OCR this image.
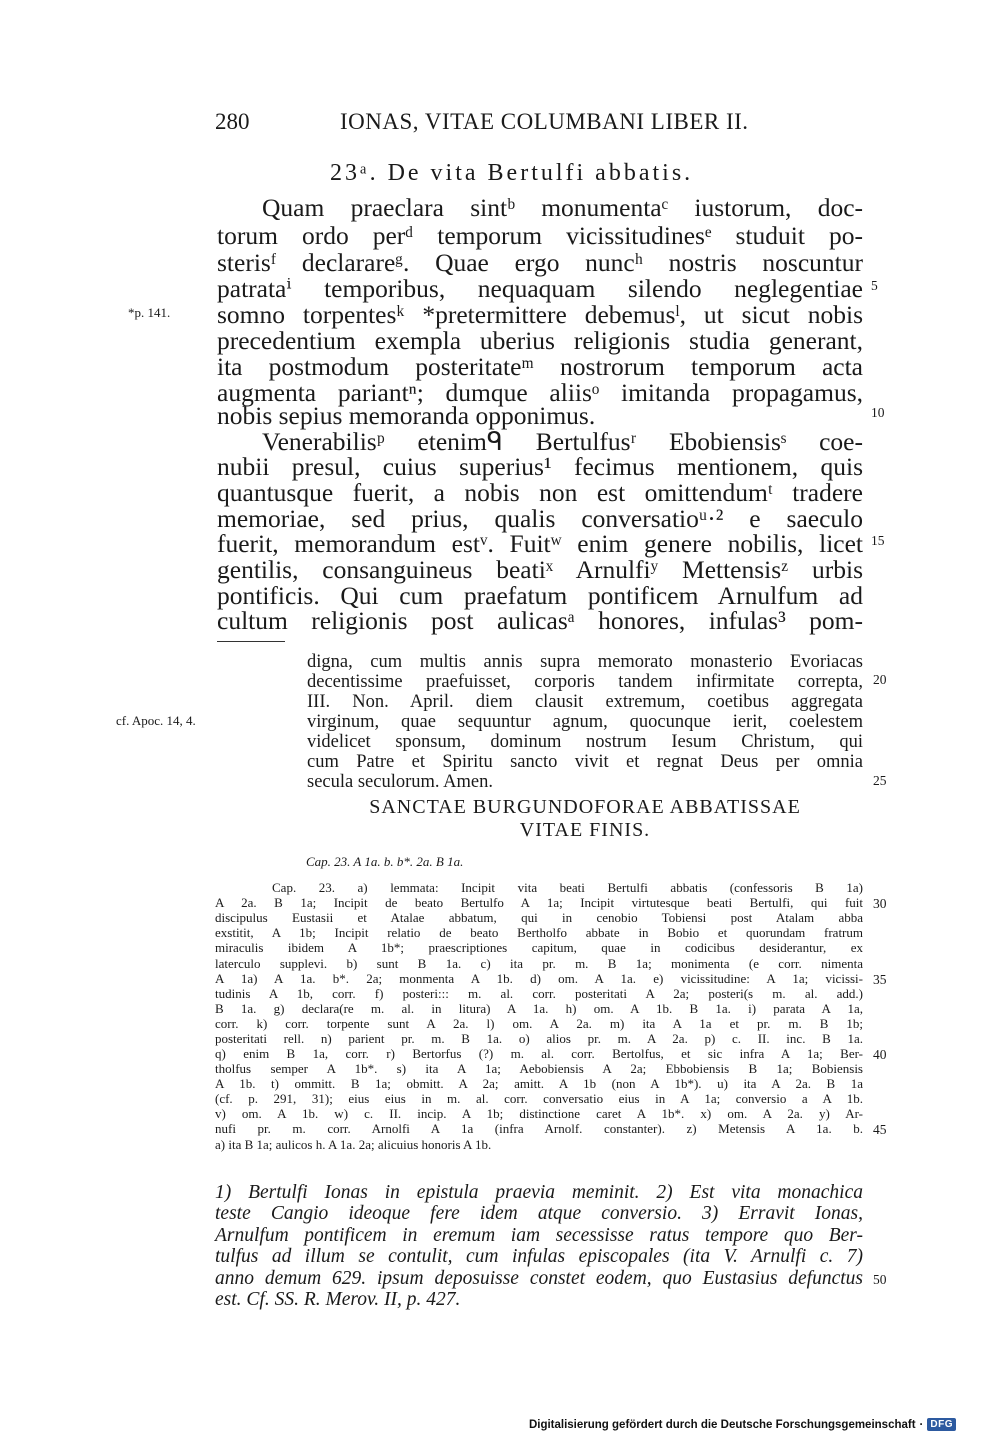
280	IONAS, VITAE COLUMBANI LIBER II.
23ᵃ. De vita Bertulfi abbatis.
Quam praeclara sintᵇ monumentaᶜ iustorum, doc-
torum ordo perᵈ temporum vicissitudinesᵉ studuit po-
sterisᶠ declarareᵍ. Quae ergo nuncʰ nostris noscuntur
patrataⁱ temporibus, nequaquam silendo neglegentiae
somno torpentesᵏ *pretermittere debemusˡ, ut sicut nobis
precedentium exempla uberius religionis studia generant,
ita postmodum posteritateᵐ nostrorum temporum acta
augmenta pariantⁿ; dumque aliisᵒ imitanda propagamus,
nobis sepius memoranda opponimus.
Venerabilisᵖ etenimᑫ Bertulfusʳ Ebobiensisˢ coe-
nubii presul, cuius superius¹ fecimus mentionem, quis
quantusque fuerit, a nobis non est omittendumᵗ tradere
memoriae, sed prius, qualis conversatioᵘ·² e saeculo
fuerit, memorandum estᵛ. Fuitʷ enim genere nobilis, licet
gentilis, consanguineus beatiˣ Arnulfiʸ Mettensisᶻ urbis
pontificis. Qui cum praefatum pontificem Arnulfum ad
cultum religionis post aulicasᵃ honores, infulas³ pom-
5
10
15
*p. 141.
digna, cum multis annis supra memorato monasterio Evoriacas
decentissime praefuisset, corporis tandem infirmitate correpta,
III. Non. April. diem clausit extremum, coetibus aggregata
virginum, quae sequuntur agnum, quocunque ierit, coelestem
videlicet sponsum, dominum nostrum Iesum Christum, qui
cum Patre et Spiritu sancto vivit et regnat Deus per omnia
secula seculorum. Amen.
20
25
cf. Apoc. 14, 4.
SANCTAE BURGUNDOFORAE ABBATISSAE
VITAE FINIS.
Cap. 23. A 1a. b. b*. 2a. B 1a.
Cap. 23. a) lemmata: Incipit vita beati Bertulfi abbatis (confessoris B 1a)
A 2a. B 1a; Incipit de beato Bertulfo A 1a; Incipit virtutesque beati Bertulfi, qui fuit
discipulus Eustasii et Atalae abbatum, qui in cenobio Tobiensi post Atalam abba
exstitit, A 1b; Incipit relatio de beato Bertholfo abbate in Bobio et quorundam fratrum
miraculis ibidem A 1b*; praescriptiones capitum, quae in codicibus desiderantur, ex
laterculo supplevi. b) sunt B 1a. c) ita pr. m. B 1a; monimenta (e corr. nimenta
A 1a) A 1a. b*. 2a; monmenta A 1b. d) om. A 1a. e) vicissitudine: A 1a; vicissi-
tudinis A 1b, corr. f) posteri::: m. al. corr. posteritati A 2a; posteri(s m. al. add.)
B 1a. g) declara(re m. al. in litura) A 1a. h) om. A 1b. B 1a. i) parata A 1a,
corr. k) corr. torpente sunt A 2a. l) om. A 2a. m) ita A 1a et pr. m. B 1b;
posteritati rell. n) parient pr. m. B 1a. o) alios pr. m. A 2a. p) c. II. inc. B 1a.
q) enim B 1a, corr. r) Bertorfus (?) m. al. corr. Bertolfus, et sic infra A 1a; Ber-
tholfus semper A 1b*. s) ita A 1a; Aebobiensis A 2a; Ebbobiensis B 1a; Bobiensis
A 1b. t) ommitt. B 1a; obmitt. A 2a; amitt. A 1b (non A 1b*). u) ita A 2a. B 1a
(cf. p. 291, 31); eius eius in m. al. corr. conversatio eius in A 1a; conversio a A 1b.
v) om. A 1b. w) c. II. incip. A 1b; distinctione caret A 1b*. x) om. A 2a. y) Ar-
nufi pr. m. corr. Arnolfi A 1a (infra Arnolf. constanter). z) Metensis A 1a. b.
a) ita B 1a; aulicos h. A 1a. 2a; alicuius honoris A 1b.
30
35
40
45
1) Bertulfi Ionas in epistula praevia meminit. 2) Est vita monachica
teste Cangio ideoque fere idem atque conversio. 3) Erravit Ionas,
Arnulfum pontificem in eremum iam secessisse ratus tempore quo Ber-
tulfus ad illum se contulit, cum infulas episcopales (ita V. Arnulfi c. 7)
anno demum 629. ipsum deposuisse constet eodem, quo Eustasius defunctus
est. Cf. SS. R. Merov. II, p. 427.
50
Digitalisierung gefördert durch die Deutsche Forschungsgemeinschaft · DFG
